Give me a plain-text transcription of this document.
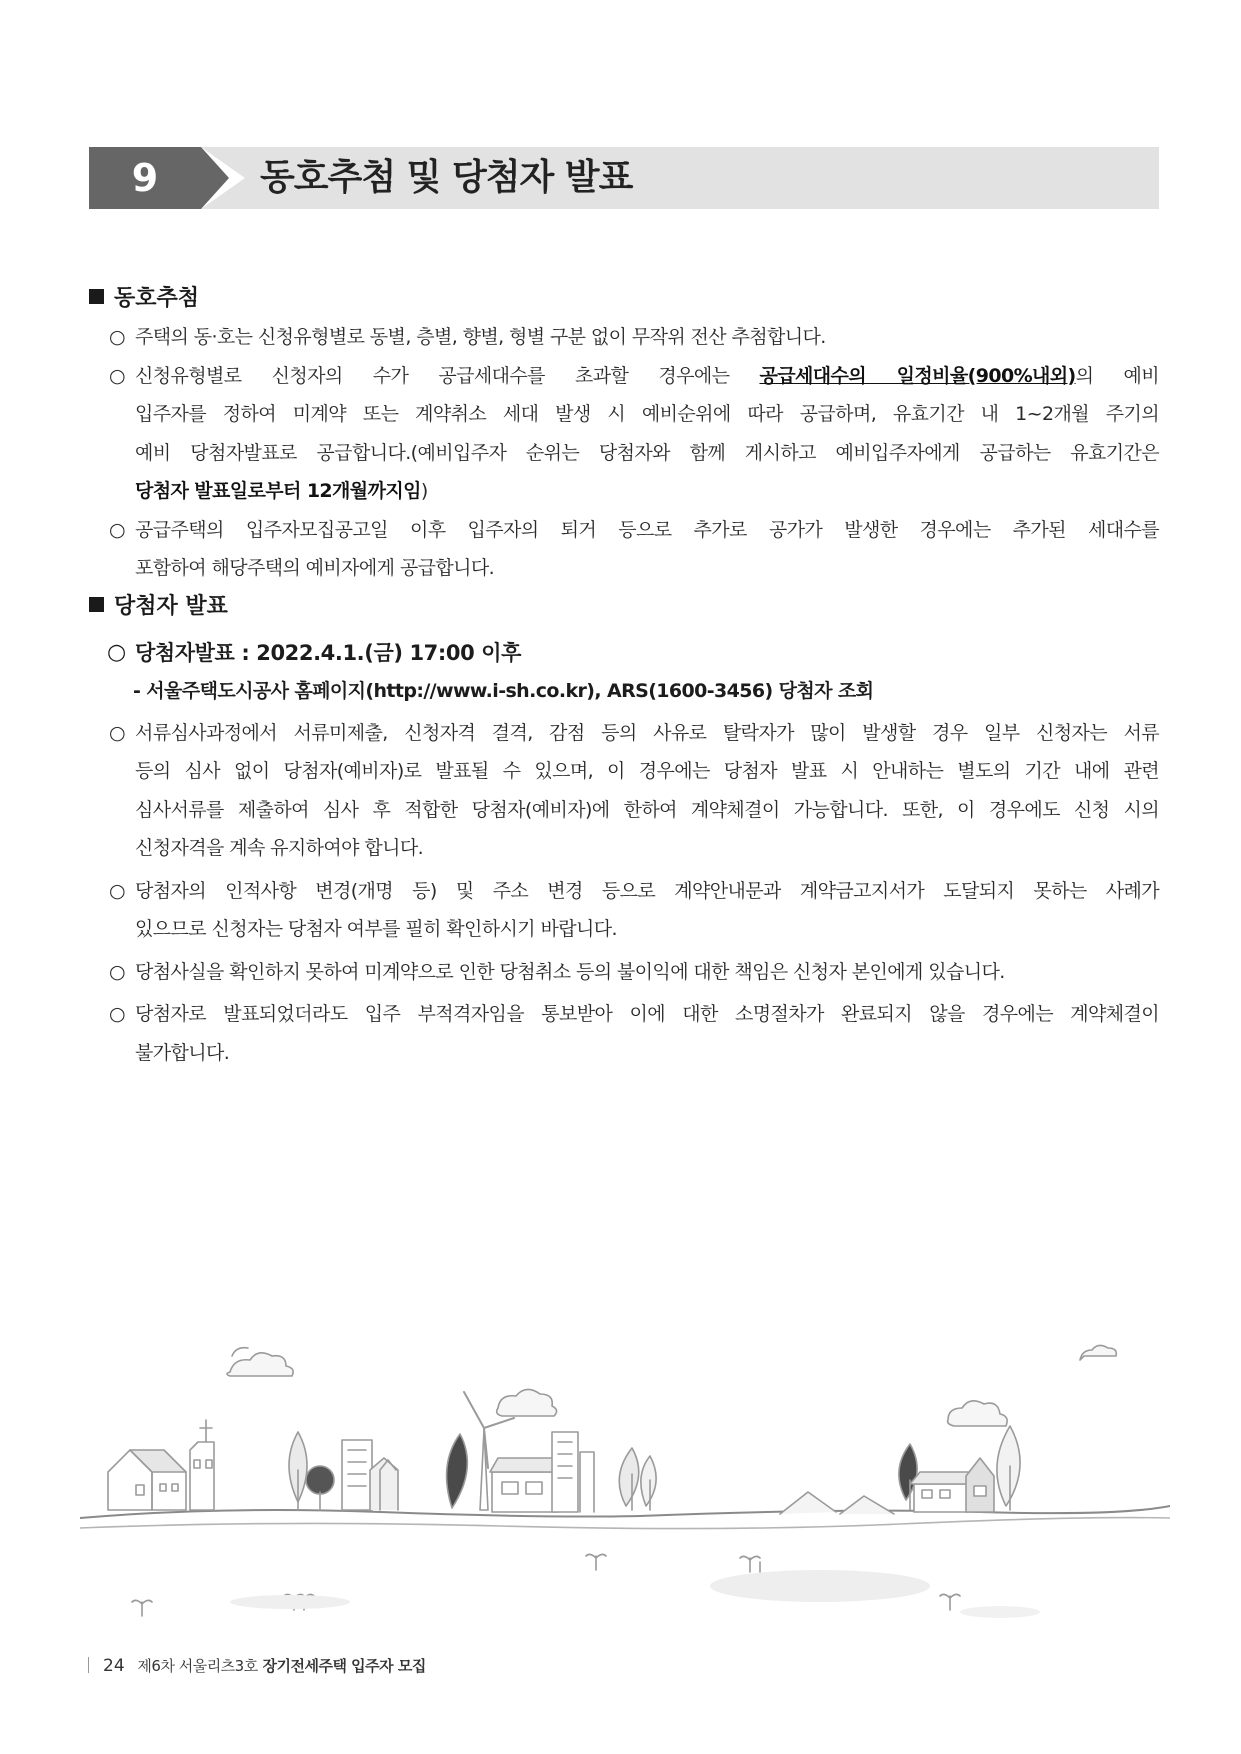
9	동호추첨 및 당첨자 발표
동호추첨
○ 주택의 동·호는 신청유형별로 동별, 층별, 향별, 형별 구분 없이 무작위 전산 추첨합니다.
○ 신청유형별로 신청자의 수가 공급세대수를 초과할 경우에는 공급세대수의 일정비율(900%내외)의 예비
입주자를 정하여 미계약 또는 계약취소 세대 발생 시 예비순위에 따라 공급하며, 유효기간 내 1~2개월 주기의
예비 당첨자발표로 공급합니다.(예비입주자 순위는 당첨자와 함께 게시하고 예비입주자에게 공급하는 유효기간은
당첨자 발표일로부터 12개월까지임)
○ 공급주택의 입주자모집공고일 이후 입주자의 퇴거 등으로 추가로 공가가 발생한 경우에는 추가된 세대수를
포함하여 해당주택의 예비자에게 공급합니다.
당첨자 발표
○ 당첨자발표 : 2022.4.1.(금) 17:00 이후
- 서울주택도시공사 홈페이지(http://www.i-sh.co.kr), ARS(1600-3456) 당첨자 조회
○ 서류심사과정에서 서류미제출, 신청자격 결격, 감점 등의 사유로 탈락자가 많이 발생할 경우 일부 신청자는 서류
등의 심사 없이 당첨자(예비자)로 발표될 수 있으며, 이 경우에는 당첨자 발표 시 안내하는 별도의 기간 내에 관련
심사서류를 제출하여 심사 후 적합한 당첨자(예비자)에 한하여 계약체결이 가능합니다. 또한, 이 경우에도 신청 시의
신청자격을 계속 유지하여야 합니다.
○ 당첨자의 인적사항 변경(개명 등) 및 주소 변경 등으로 계약안내문과 계약금고지서가 도달되지 못하는 사례가
있으므로 신청자는 당첨자 여부를 필히 확인하시기 바랍니다.
○ 당첨사실을 확인하지 못하여 미계약으로 인한 당첨취소 등의 불이익에 대한 책임은 신청자 본인에게 있습니다.
○ 당첨자로 발표되었더라도 입주 부적격자임을 통보받아 이에 대한 소명절차가 완료되지 않을 경우에는 계약체결이
불가합니다.
24 제6차 서울리츠3호 장기전세주택 입주자 모집
